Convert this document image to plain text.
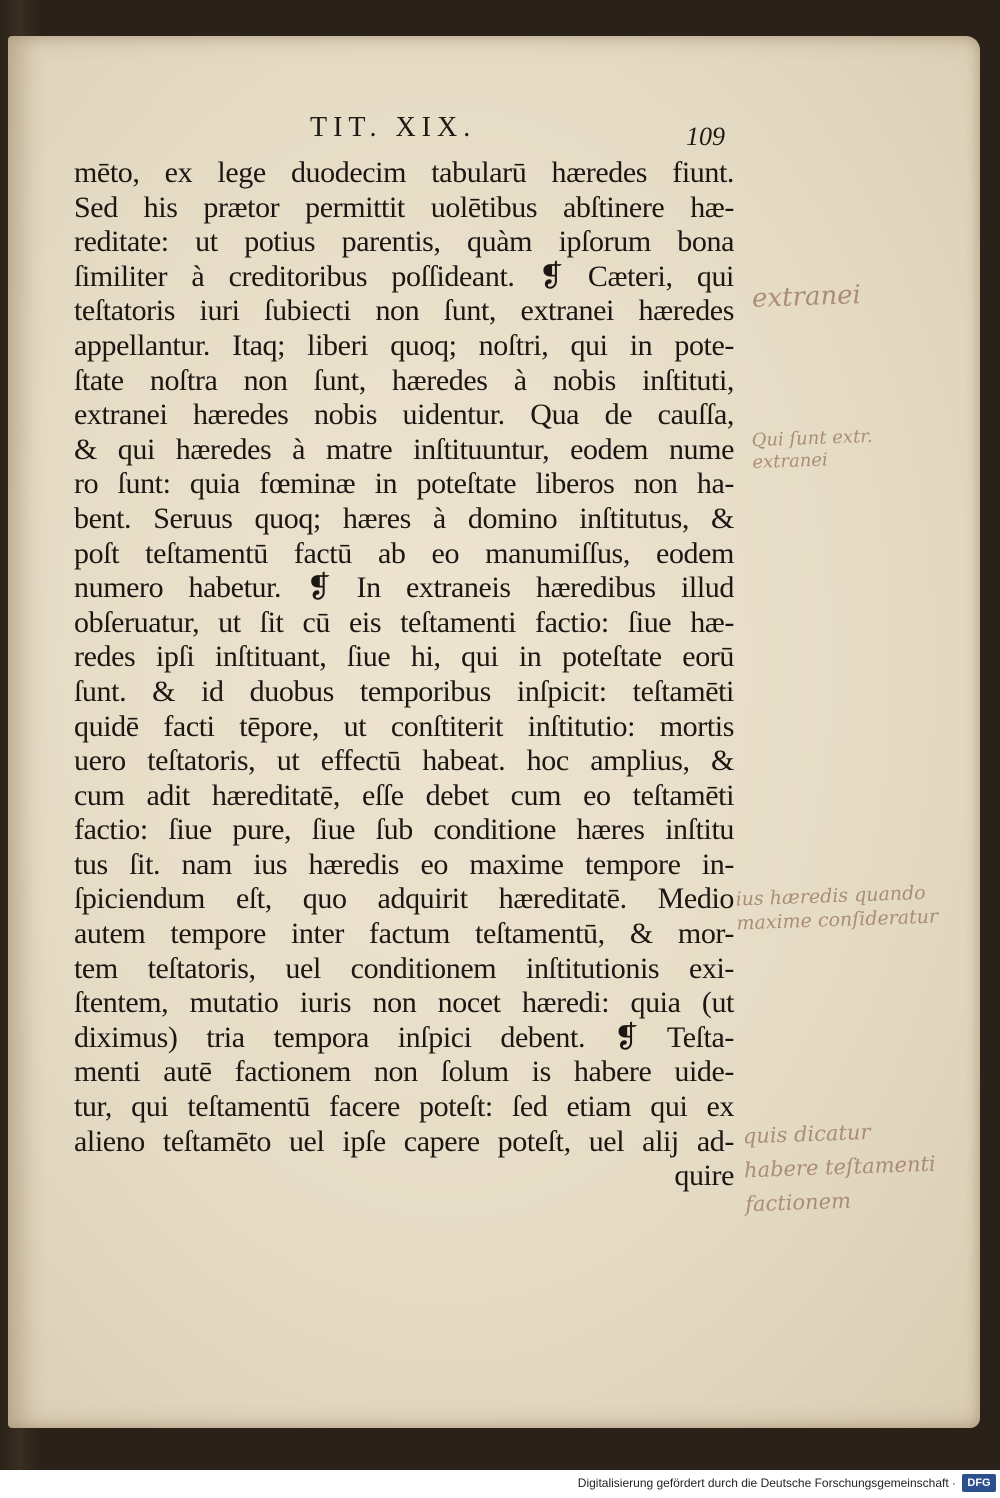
TIT. XIX.	109
mēto, ex lege duodecim tabularū hæredes fiunt.
Sed his prætor permittit uolētibus abſtinere hæ-
reditate: ut potius parentis, quàm ipſorum bona
ſimiliter à creditoribus poſſideant. ❡ Cæteri, qui
teſtatoris iuri ſubiecti non ſunt, extranei hæredes
appellantur. Itaq; liberi quoq; noſtri, qui in pote-
ſtate noſtra non ſunt, hæredes à nobis inſtituti,
extranei hæredes nobis uidentur. Qua de cauſſa,
& qui hæredes à matre inſtituuntur, eodem nume
ro ſunt: quia fœminæ in poteſtate liberos non ha-
bent. Seruus quoq; hæres à domino inſtitutus, &
poſt teſtamentū factū ab eo manumiſſus, eodem
numero habetur. ❡ In extraneis hæredibus illud
obſeruatur, ut ſit cū eis teſtamenti factio: ſiue hæ-
redes ipſi inſtituant, ſiue hi, qui in poteſtate eorū
ſunt. & id duobus temporibus inſpicit: teſtamēti
quidē facti tēpore, ut conſtiterit inſtitutio: mortis
uero teſtatoris, ut effectū habeat. hoc amplius, &
cum adit hæreditatē, eſſe debet cum eo teſtamēti
factio: ſiue pure, ſiue ſub conditione hæres inſtitu
tus ſit. nam ius hæredis eo maxime tempore in-
ſpiciendum eſt, quo adquirit hæreditatē. Medio
autem tempore inter factum teſtamentū, & mor-
tem teſtatoris, uel conditionem inſtitutionis exi-
ſtentem, mutatio iuris non nocet hæredi: quia (ut
diximus) tria tempora inſpici debent. ❡ Teſta-
menti autē factionem non ſolum is habere uide-
tur, qui teſtamentū facere poteſt: ſed etiam qui ex
alieno teſtamēto uel ipſe capere poteſt, uel alij ad-
quire
extranei
Qui ſunt extr.
extranei
ius hæredis quando
maxime conſideratur
quis dicatur
habere teſtamenti
factionem
Digitalisierung gefördert durch die Deutsche Forschungsgemeinschaft ·	DFG
